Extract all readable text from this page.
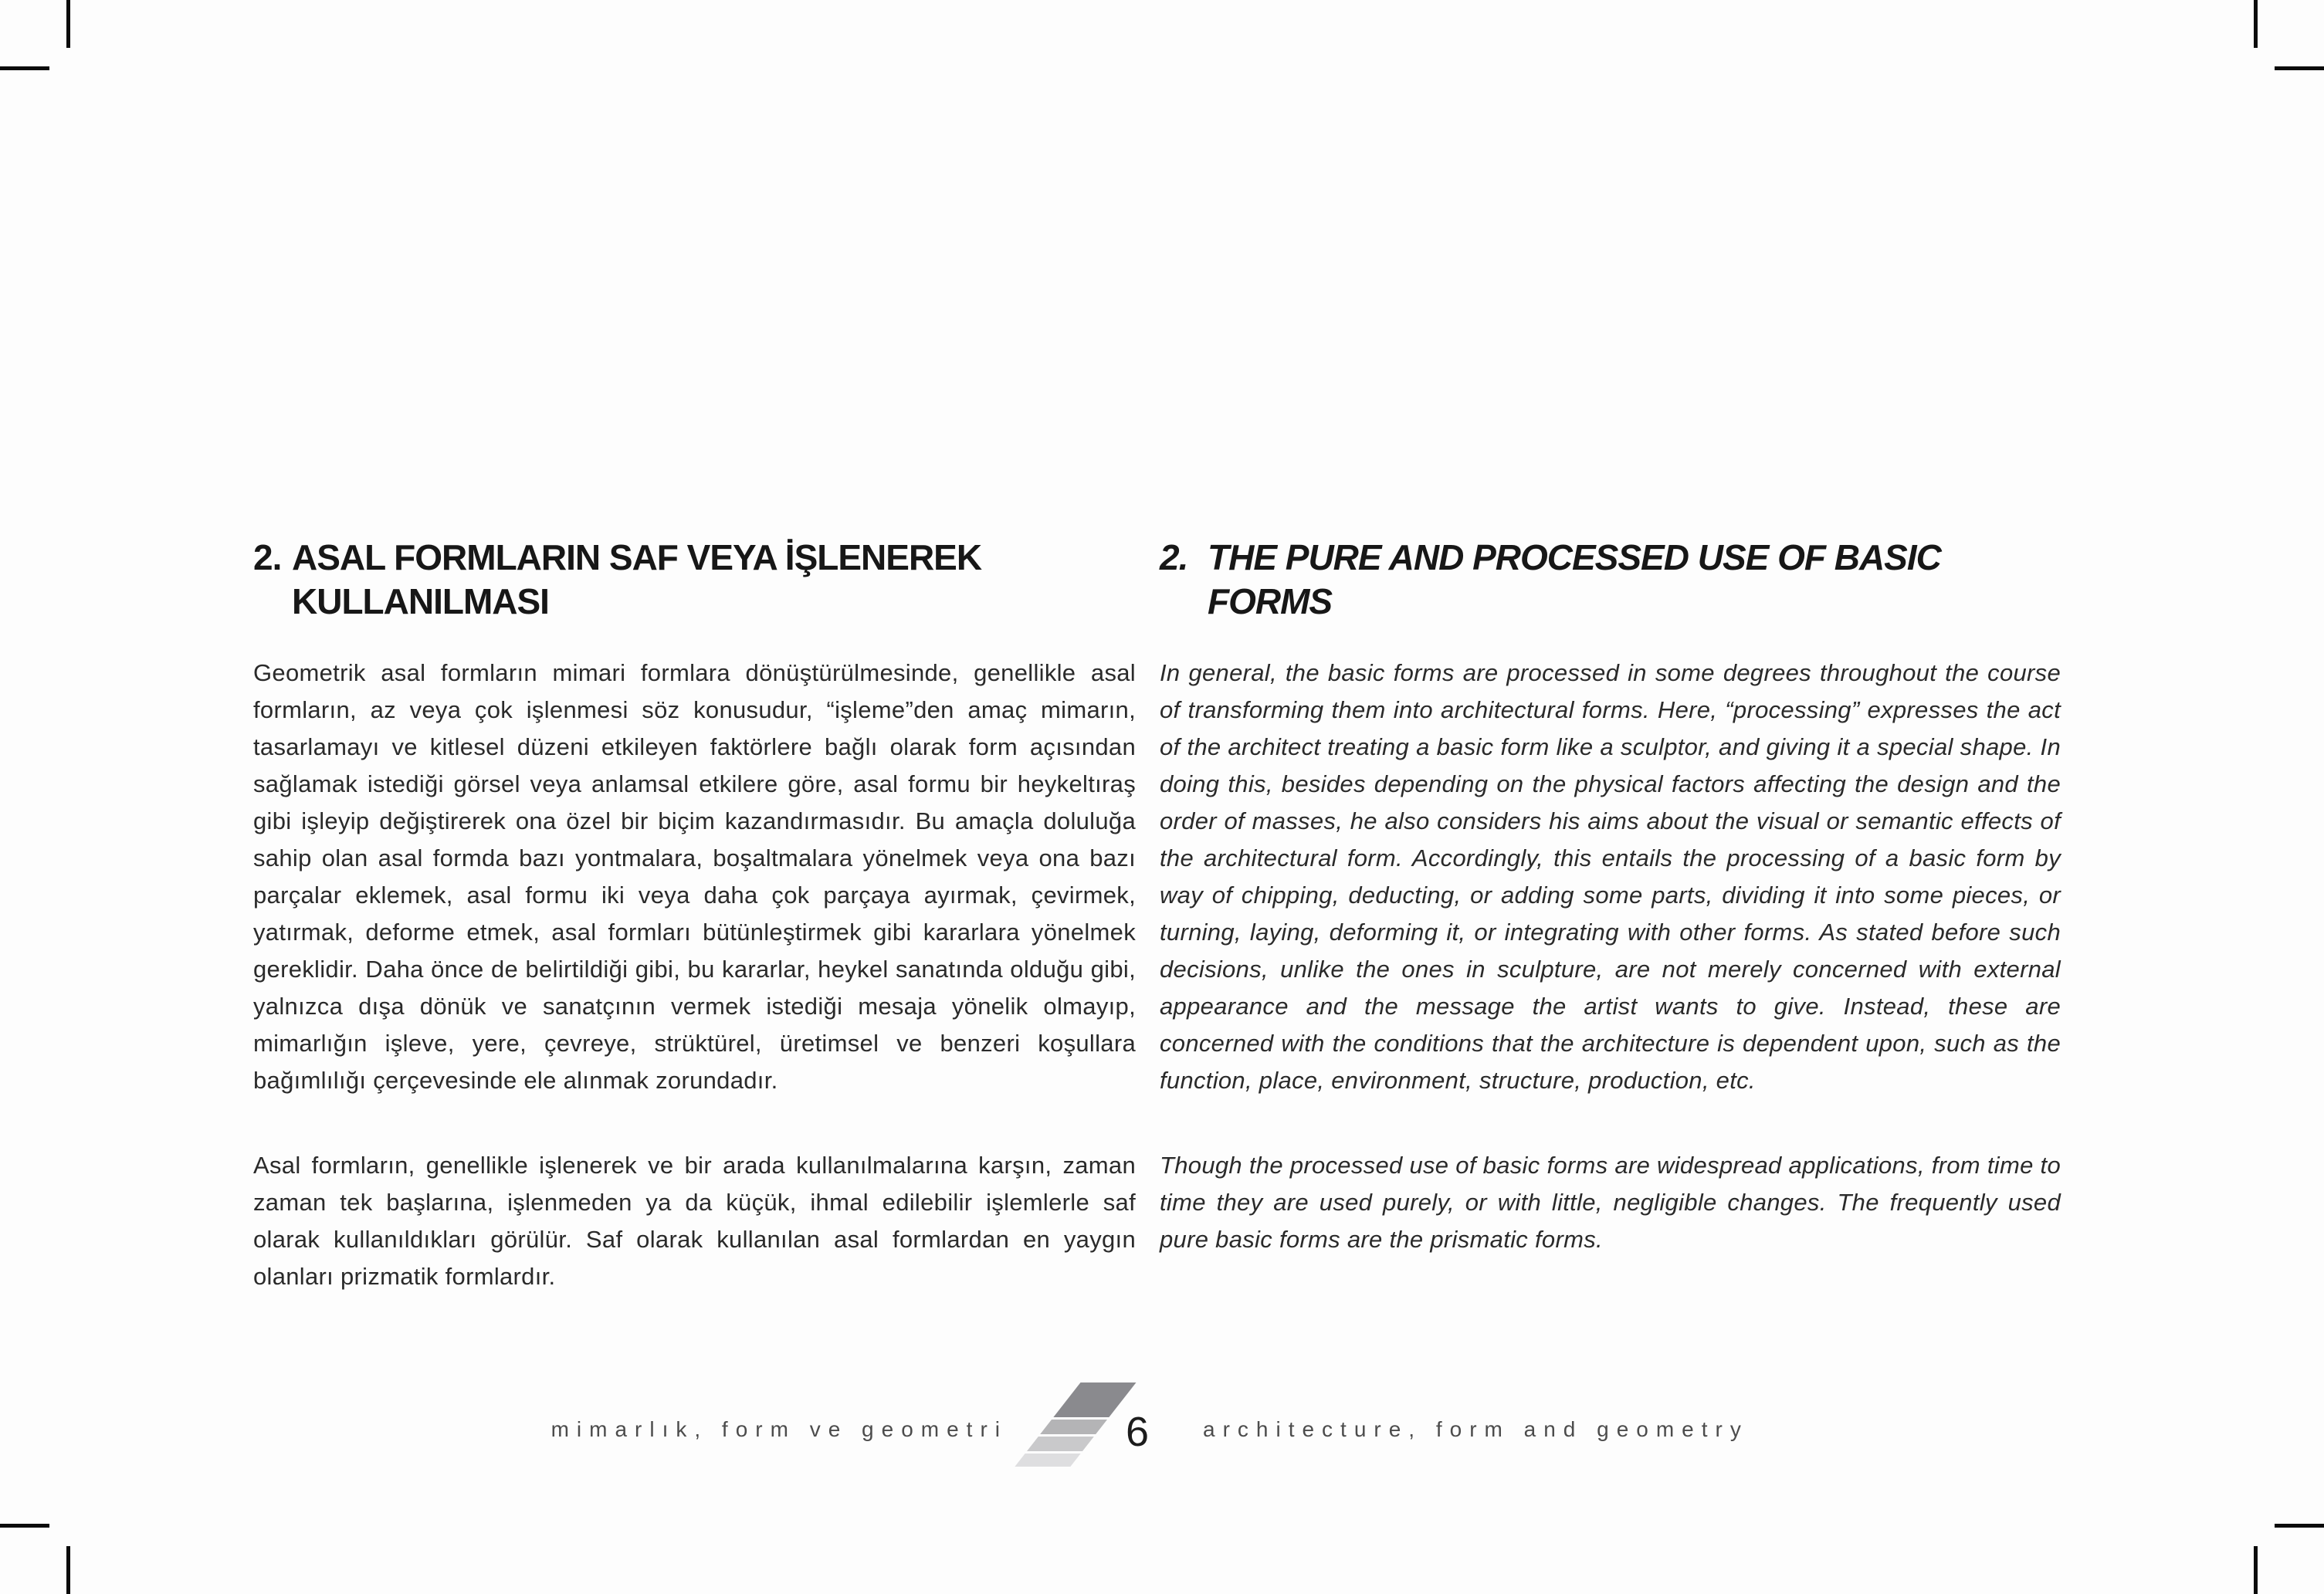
2. ASAL FORMLARIN SAF VEYA İŞLENEREK
KULLANILMASI

Geometrik asal formların mimari formlara dönüştürülmesinde, genellikle asal formların, az veya çok işlenmesi söz konusudur, “işleme”den amaç mimarın, tasarlamayı ve kitlesel düzeni etkileyen faktörlere bağlı olarak form açısından sağlamak istediği görsel veya anlamsal etkilere göre, asal formu bir heykeltıraş gibi işleyip değiştirerek ona özel bir biçim kazandırmasıdır. Bu amaçla doluluğa sahip olan asal formda bazı yontmalara, boşaltmalara yönelmek veya ona bazı parçalar eklemek, asal formu iki veya daha çok parçaya ayırmak, çevirmek, yatırmak, deforme etmek, asal formları bütünleştirmek gibi kararlara yönelmek gereklidir. Daha önce de belirtildiği gibi, bu kararlar, heykel sanatında olduğu gibi, yalnızca dışa dönük ve sanatçının vermek istediği mesaja yönelik olmayıp, mimarlığın işleve, yere, çevreye, strüktürel, üretimsel ve benzeri koşullara bağımlılığı çerçevesinde ele alınmak zorundadır.

Asal formların, genellikle işlenerek ve bir arada kullanılmalarına karşın, zaman zaman tek başlarına, işlenmeden ya da küçük, ihmal edilebilir işlemlerle saf olarak kullanıldıkları görülür. Saf olarak kullanılan asal formlardan en yaygın olanları prizmatik formlardır.

2. THE PURE AND PROCESSED USE OF BASIC
FORMS

In general, the basic forms are processed in some degrees throughout the course of transforming them into architectural forms. Here, “processing” expresses the act of the architect treating a basic form like a sculptor, and giving it a special shape. In doing this, besides depending on the physical factors affecting the design and the order of masses, he also considers his aims about the visual or semantic effects of the architectural form. Accordingly, this entails the processing of a basic form by way of chipping, deducting, or adding some parts, dividing it into some pieces, or turning, laying, deforming it, or integrating with other forms. As stated before such decisions, unlike the ones in sculpture, are not merely concerned with external appearance and the message the artist wants to give. Instead, these are concerned with the conditions that the architecture is dependent upon, such as the function, place, environment, structure, production, etc.

Though the processed use of basic forms are widespread applications, from time to time they are used purely, or with little, negligible changes. The frequently used pure basic forms are the prismatic forms.

mimarlık, form ve geometri	6 architecture, form and geometry
